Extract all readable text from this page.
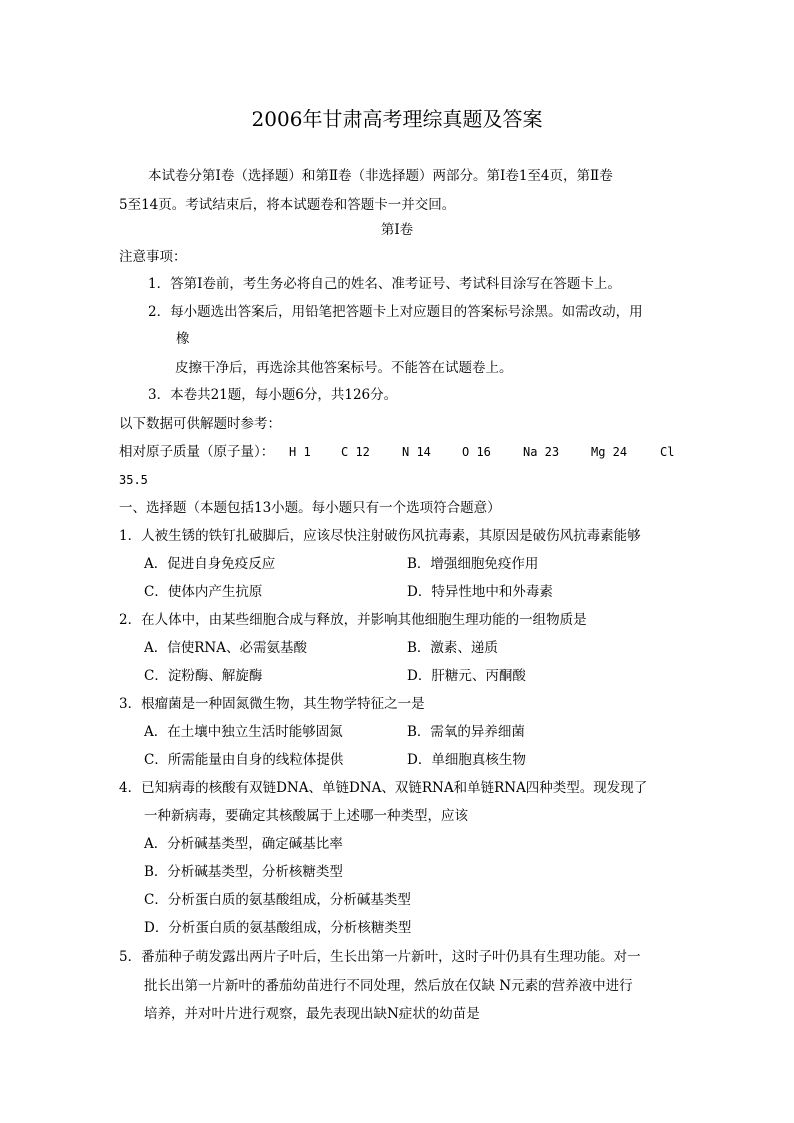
2006年甘肃高考理综真题及答案
本试卷分第Ⅰ卷（选择题）和第Ⅱ卷（非选择题）两部分。第Ⅰ卷1至4页，第Ⅱ卷
5至14页。考试结束后，将本试题卷和答题卡一并交回。
第Ⅰ卷
注意事项：
1．答第Ⅰ卷前，考生务必将自己的姓名、准考证号、考试科目涂写在答题卡上。
2．每小题选出答案后，用铅笔把答题卡上对应题目的答案标号涂黑。如需改动，用
橡
皮擦干净后，再选涂其他答案标号。不能答在试题卷上。
3．本卷共21题，每小题6分，共126分。
以下数据可供解题时参考：
相对原子质量（原子量）： H 1	C 12	N 14	O 16	Na 23	Mg 24	Cl
35.5
一、选择题（本题包括13小题。每小题只有一个选项符合题意）
1．人被生锈的铁钉扎破脚后，应该尽快注射破伤风抗毒素，其原因是破伤风抗毒素能够
A．促进自身免疫反应	B．增强细胞免疫作用
C．使体内产生抗原	D．特异性地中和外毒素
2．在人体中，由某些细胞合成与释放，并影响其他细胞生理功能的一组物质是
A．信使RNA、必需氨基酸	B．激素、递质
C．淀粉酶、解旋酶	D．肝糖元、丙酮酸
3．根瘤菌是一种固氮微生物，其生物学特征之一是
A．在土壤中独立生活时能够固氮	B．需氧的异养细菌
C．所需能量由自身的线粒体提供	D．单细胞真核生物
4．已知病毒的核酸有双链DNA、单链DNA、双链RNA和单链RNA四种类型。现发现了
一种新病毒，要确定其核酸属于上述哪一种类型，应该
A．分析碱基类型，确定碱基比率
B．分析碱基类型，分析核糖类型
C．分析蛋白质的氨基酸组成，分析碱基类型
D．分析蛋白质的氨基酸组成，分析核糖类型
5．番茄种子萌发露出两片子叶后，生长出第一片新叶，这时子叶仍具有生理功能。对一
批长出第一片新叶的番茄幼苗进行不同处理，然后放在仅缺 N元素的营养液中进行
培养，并对叶片进行观察，最先表现出缺N症状的幼苗是
